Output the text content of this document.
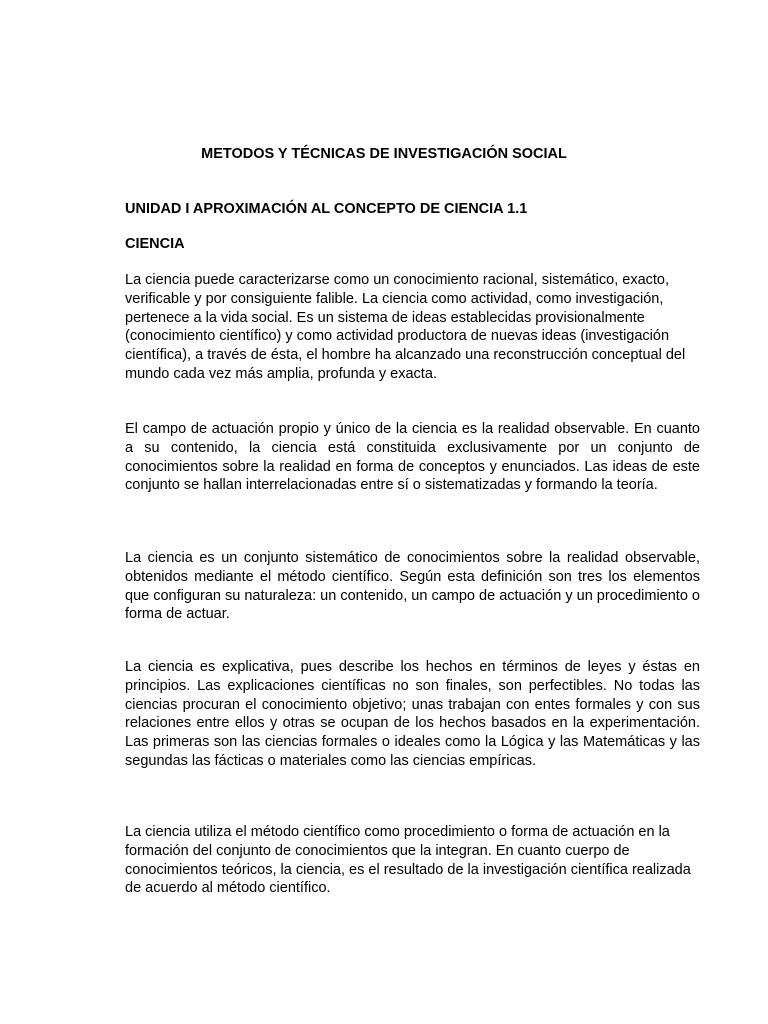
METODOS Y TÉCNICAS DE INVESTIGACIÓN SOCIAL
UNIDAD I APROXIMACIÓN AL CONCEPTO DE CIENCIA 1.1
CIENCIA

La ciencia puede caracterizarse como un conocimiento racional, sistemático, exacto, verificable y por consiguiente falible. La ciencia como actividad, como investigación, pertenece a la vida social. Es un sistema de ideas establecidas provisionalmente (conocimiento científico) y como actividad productora de nuevas ideas (investigación científica), a través de ésta, el hombre ha alcanzado una reconstrucción conceptual del mundo cada vez más amplia, profunda y exacta.

El campo de actuación propio y único de la ciencia es la realidad observable. En cuanto a su contenido, la ciencia está constituida exclusivamente por un conjunto de conocimientos sobre la realidad en forma de conceptos y enunciados. Las ideas de este conjunto se hallan interrelacionadas entre sí o sistematizadas y formando la teoría.

La ciencia es un conjunto sistemático de conocimientos sobre la realidad observable, obtenidos mediante el método científico. Según esta definición son tres los elementos que configuran su naturaleza: un contenido, un campo de actuación y un procedimiento o forma de actuar.

La ciencia es explicativa, pues describe los hechos en términos de leyes y éstas en principios. Las explicaciones científicas no son finales, son perfectibles. No todas las ciencias procuran el conocimiento objetivo; unas trabajan con entes formales y con sus relaciones entre ellos y otras se ocupan de los hechos basados en la experimentación. Las primeras son las ciencias formales o ideales como la Lógica y las Matemáticas y las segundas las fácticas o materiales como las ciencias empíricas.

La ciencia utiliza el método científico como procedimiento o forma de actuación en la formación del conjunto de conocimientos que la integran. En cuanto cuerpo de conocimientos teóricos, la ciencia, es el resultado de la investigación científica realizada de acuerdo al método científico.
